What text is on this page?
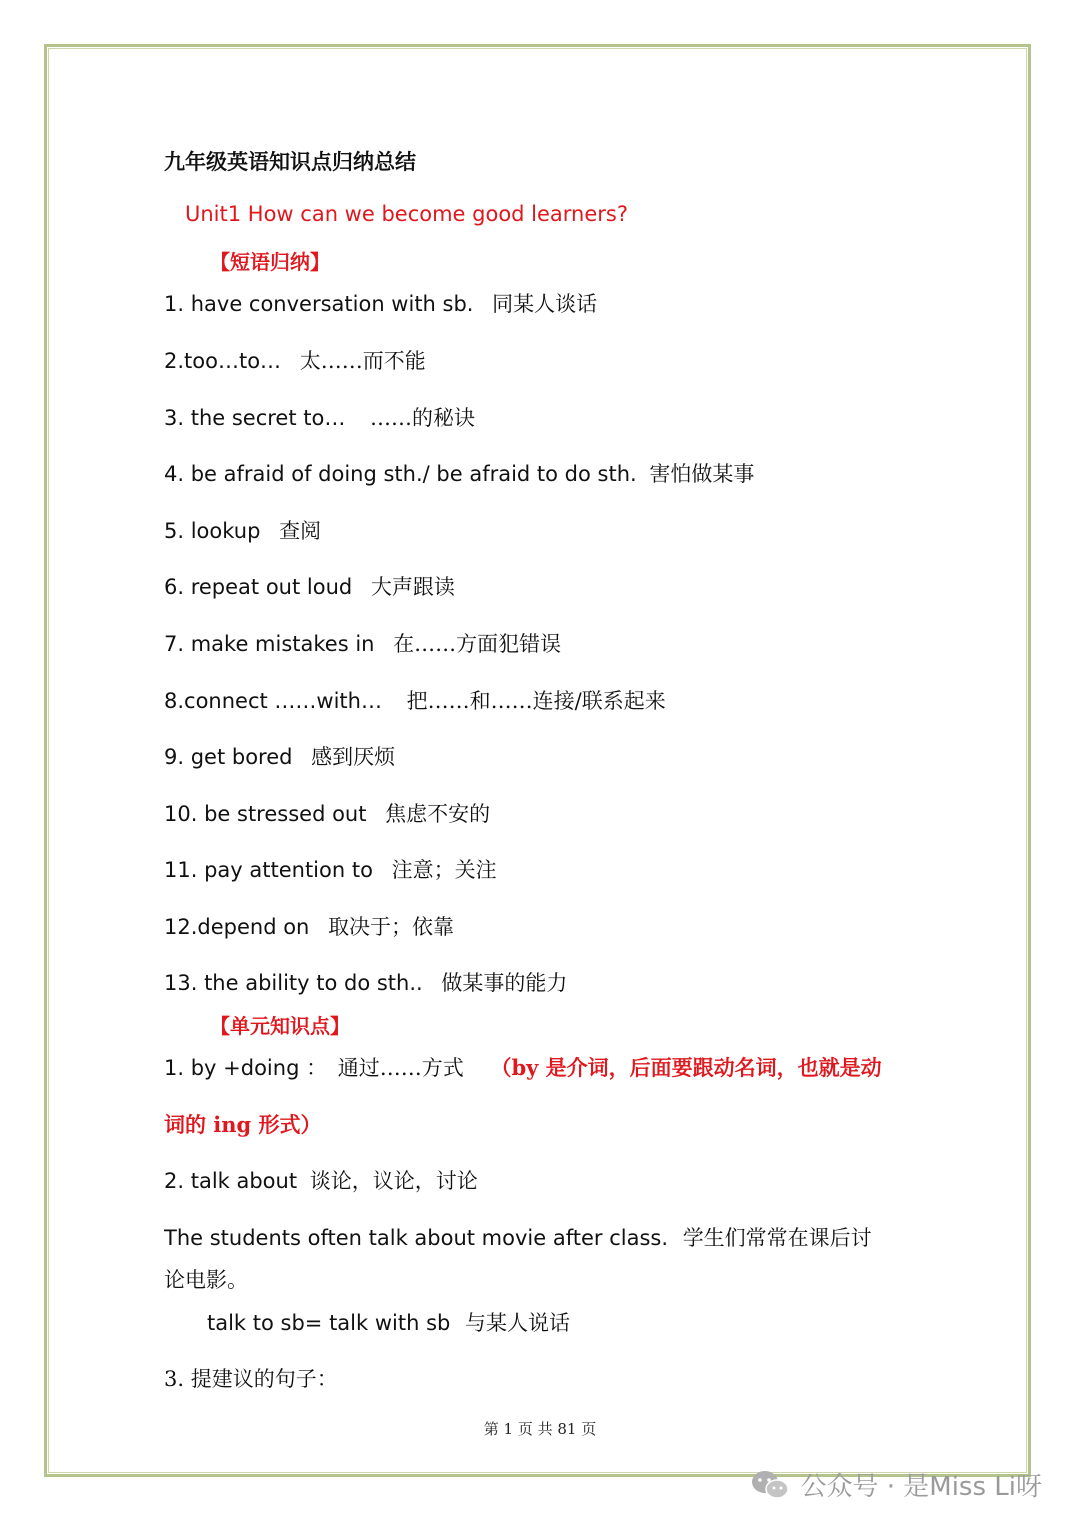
九年级英语知识点归纳总结
Unit1 How can we become good learners?
【短语归纳】
1. have conversation with sb. 同某人谈话
2.too…to… 太……而不能
3. the secret to… ……的秘诀
4. be afraid of doing sth./ be afraid to do sth. 害怕做某事
5. lookup 查阅
6. repeat out loud 大声跟读
7. make mistakes in 在……方面犯错误
8.connect ……with… 把……和……连接/联系起来
9. get bored 感到厌烦
10. be stressed out 焦虑不安的
11. pay attention to 注意；关注
12.depend on 取决于；依靠
13. the ability to do sth.. 做某事的能力
【单元知识点】
1. by +doing ： 通过……方式 （by 是介词，后面要跟动名词，也就是动
词的 ing 形式）
2. talk about 谈论，议论，讨论
The students often talk about movie after class. 学生们常常在课后讨
论电影。
talk to sb= talk with sb 与某人说话
3. 提建议的句子：
第 1 页 共 81 页
公众号 · 是Miss Li呀
